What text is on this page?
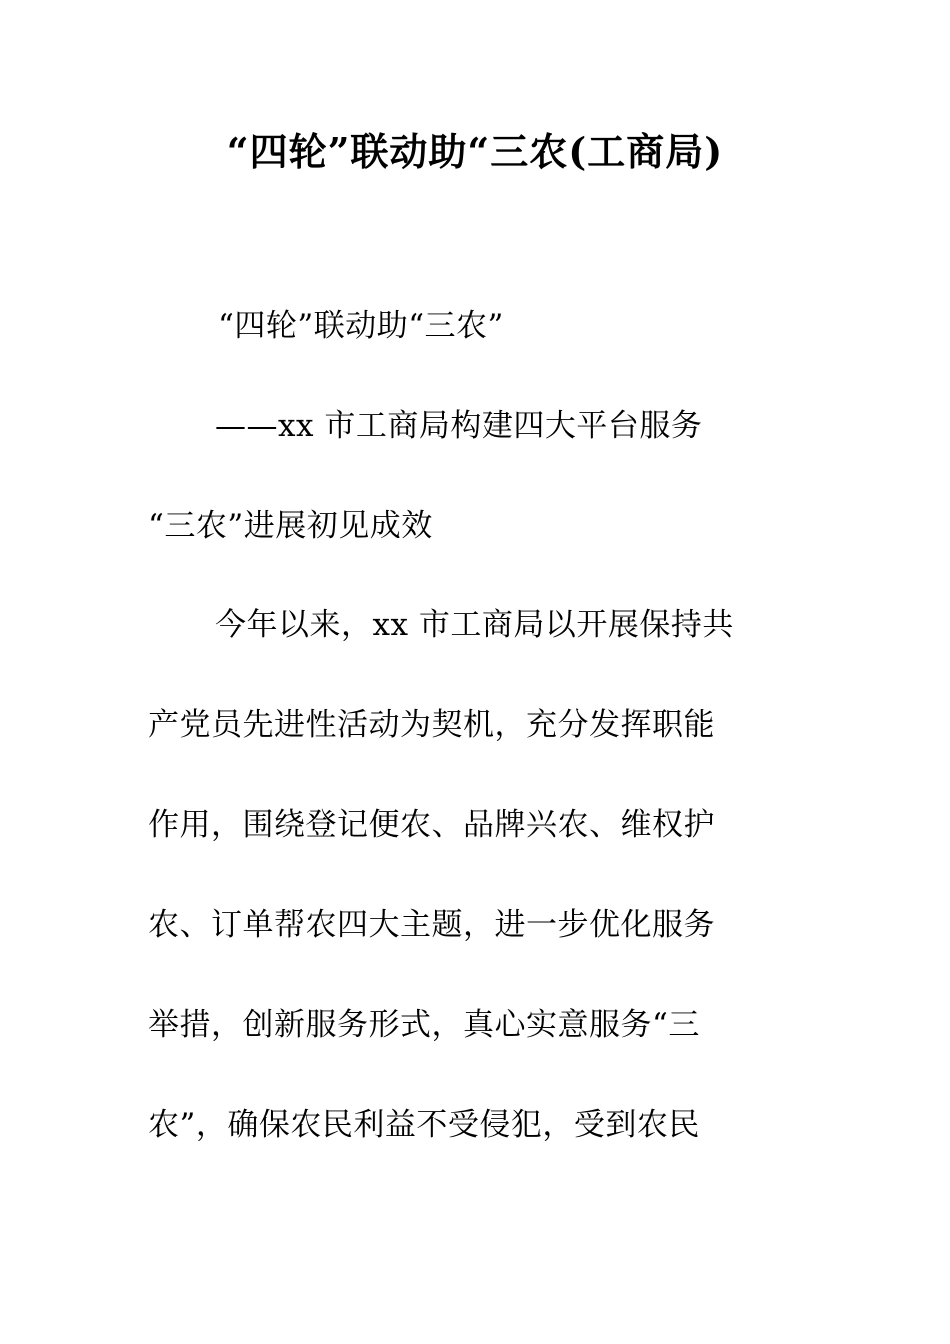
“四轮”联动助“三农(工商局)
“四轮”联动助“三农”
——xx 市工商局构建四大平台服务
“三农”进展初见成效
今年以来，xx 市工商局以开展保持共
产党员先进性活动为契机，充分发挥职能
作用，围绕登记便农、品牌兴农、维权护
农、订单帮农四大主题，进一步优化服务
举措，创新服务形式，真心实意服务“三
农”，确保农民利益不受侵犯，受到农民
